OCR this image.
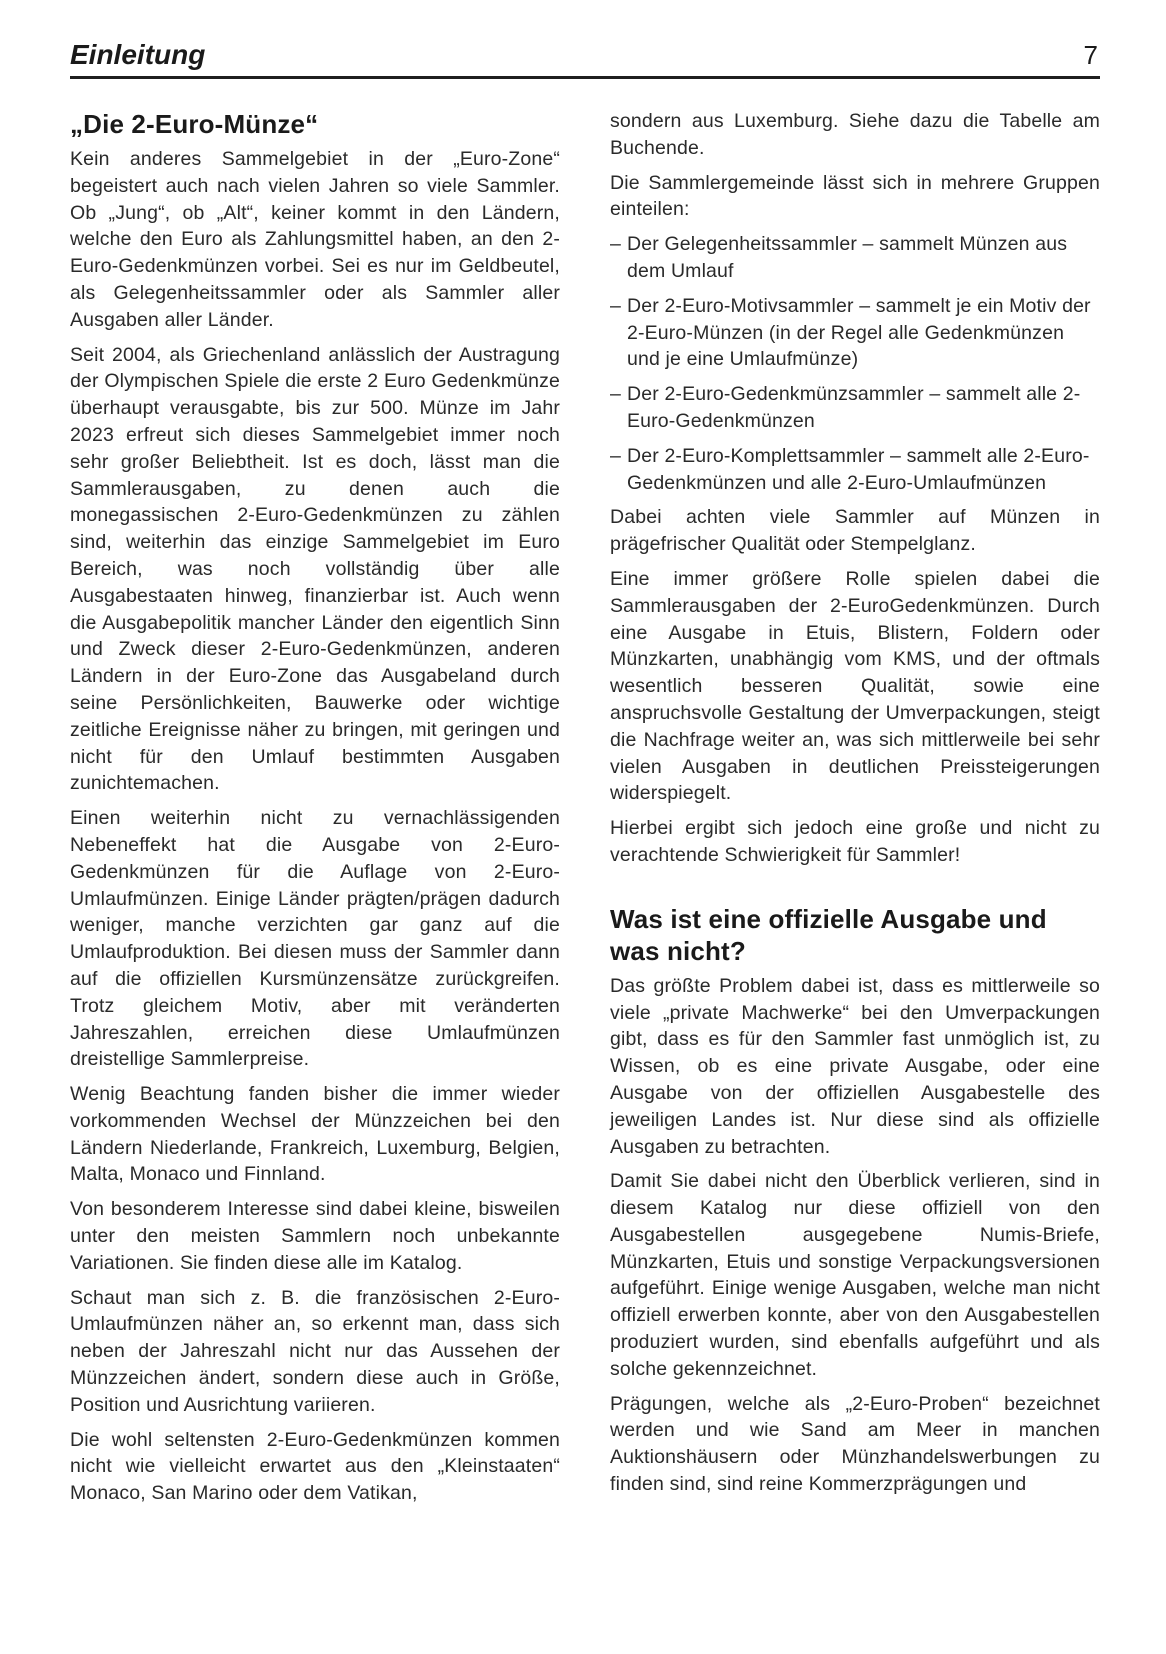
Einleitung	7
„Die 2-Euro-Münze“

Kein anderes Sammelgebiet in der „Euro-Zone“ begeistert auch nach vielen Jahren so viele Sammler. Ob „Jung“, ob „Alt“, keiner kommt in den Ländern, welche den Euro als Zahlungsmittel haben, an den 2-Euro-Gedenkmünzen vorbei. Sei es nur im Geldbeutel, als Gelegenheitssammler oder als Sammler aller Ausgaben aller Länder.

Seit 2004, als Griechenland anlässlich der Austragung der Olympischen Spiele die erste 2 Euro Gedenkmünze überhaupt verausgabte, bis zur 500. Münze im Jahr 2023 erfreut sich dieses Sammelgebiet immer noch sehr großer Beliebtheit. Ist es doch, lässt man die Sammlerausgaben, zu denen auch die monegassischen 2-Euro-Gedenkmünzen zu zählen sind, weiterhin das einzige Sammelgebiet im Euro Bereich, was noch vollständig über alle Ausgabestaaten hinweg, finanzierbar ist. Auch wenn die Ausgabepolitik mancher Länder den eigentlich Sinn und Zweck dieser 2-Euro-Gedenkmünzen, anderen Ländern in der Euro-Zone das Ausgabeland durch seine Persönlichkeiten, Bauwerke oder wichtige zeitliche Ereignisse näher zu bringen, mit geringen und nicht für den Umlauf bestimmten Ausgaben zunichtemachen.

Einen weiterhin nicht zu vernachlässigenden Nebeneffekt hat die Ausgabe von 2-Euro-Gedenkmünzen für die Auflage von 2-Euro-Umlaufmünzen. Einige Länder prägten/prägen dadurch weniger, manche verzichten gar ganz auf die Umlaufproduktion. Bei diesen muss der Sammler dann auf die offiziellen Kursmünzensätze zurückgreifen. Trotz gleichem Motiv, aber mit veränderten Jahreszahlen, erreichen diese Umlaufmünzen dreistellige Sammlerpreise.

Wenig Beachtung fanden bisher die immer wieder vorkommenden Wechsel der Münzzeichen bei den Ländern Niederlande, Frankreich, Luxemburg, Belgien, Malta, Monaco und Finnland.

Von besonderem Interesse sind dabei kleine, bisweilen unter den meisten Sammlern noch unbekannte Variationen. Sie finden diese alle im Katalog.

Schaut man sich z. B. die französischen 2-Euro-Umlaufmünzen näher an, so erkennt man, dass sich neben der Jahreszahl nicht nur das Aussehen der Münzzeichen ändert, sondern diese auch in Größe, Position und Ausrichtung variieren.

Die wohl seltensten 2-Euro-Gedenkmünzen kommen nicht wie vielleicht erwartet aus den „Kleinstaaten“ Monaco, San Marino oder dem Vatikan,

sondern aus Luxemburg. Siehe dazu die Tabelle am Buchende.

Die Sammlergemeinde lässt sich in mehrere Gruppen einteilen:

– Der Gelegenheitssammler – sammelt Münzen aus dem Umlauf
– Der 2-Euro-Motivsammler – sammelt je ein Motiv der 2-Euro-Münzen (in der Regel alle Gedenkmünzen und je eine Umlaufmünze)
– Der 2-Euro-Gedenkmünzsammler – sammelt alle 2-Euro-Gedenkmünzen
– Der 2-Euro-Komplettsammler – sammelt alle 2-Euro-Gedenkmünzen und alle 2-Euro-Umlaufmünzen

Dabei achten viele Sammler auf Münzen in prägefrischer Qualität oder Stempelglanz.

Eine immer größere Rolle spielen dabei die Sammlerausgaben der 2-EuroGedenkmünzen. Durch eine Ausgabe in Etuis, Blistern, Foldern oder Münzkarten, unabhängig vom KMS, und der oftmals wesentlich besseren Qualität, sowie eine anspruchsvolle Gestaltung der Umverpackungen, steigt die Nachfrage weiter an, was sich mittlerweile bei sehr vielen Ausgaben in deutlichen Preissteigerungen widerspiegelt.

Hierbei ergibt sich jedoch eine große und nicht zu verachtende Schwierigkeit für Sammler!

Was ist eine offizielle Ausgabe und was nicht?

Das größte Problem dabei ist, dass es mittlerweile so viele „private Machwerke“ bei den Umverpackungen gibt, dass es für den Sammler fast unmöglich ist, zu Wissen, ob es eine private Ausgabe, oder eine Ausgabe von der offiziellen Ausgabestelle des jeweiligen Landes ist. Nur diese sind als offizielle Ausgaben zu betrachten.

Damit Sie dabei nicht den Überblick verlieren, sind in diesem Katalog nur diese offiziell von den Ausgabestellen ausgegebene Numis-Briefe, Münzkarten, Etuis und sonstige Verpackungsversionen aufgeführt. Einige wenige Ausgaben, welche man nicht offiziell erwerben konnte, aber von den Ausgabestellen produziert wurden, sind ebenfalls aufgeführt und als solche gekennzeichnet.

Prägungen, welche als „2-Euro-Proben“ bezeichnet werden und wie Sand am Meer in manchen Auktionshäusern oder Münzhandelswerbungen zu finden sind, sind reine Kommerzprägungen und
